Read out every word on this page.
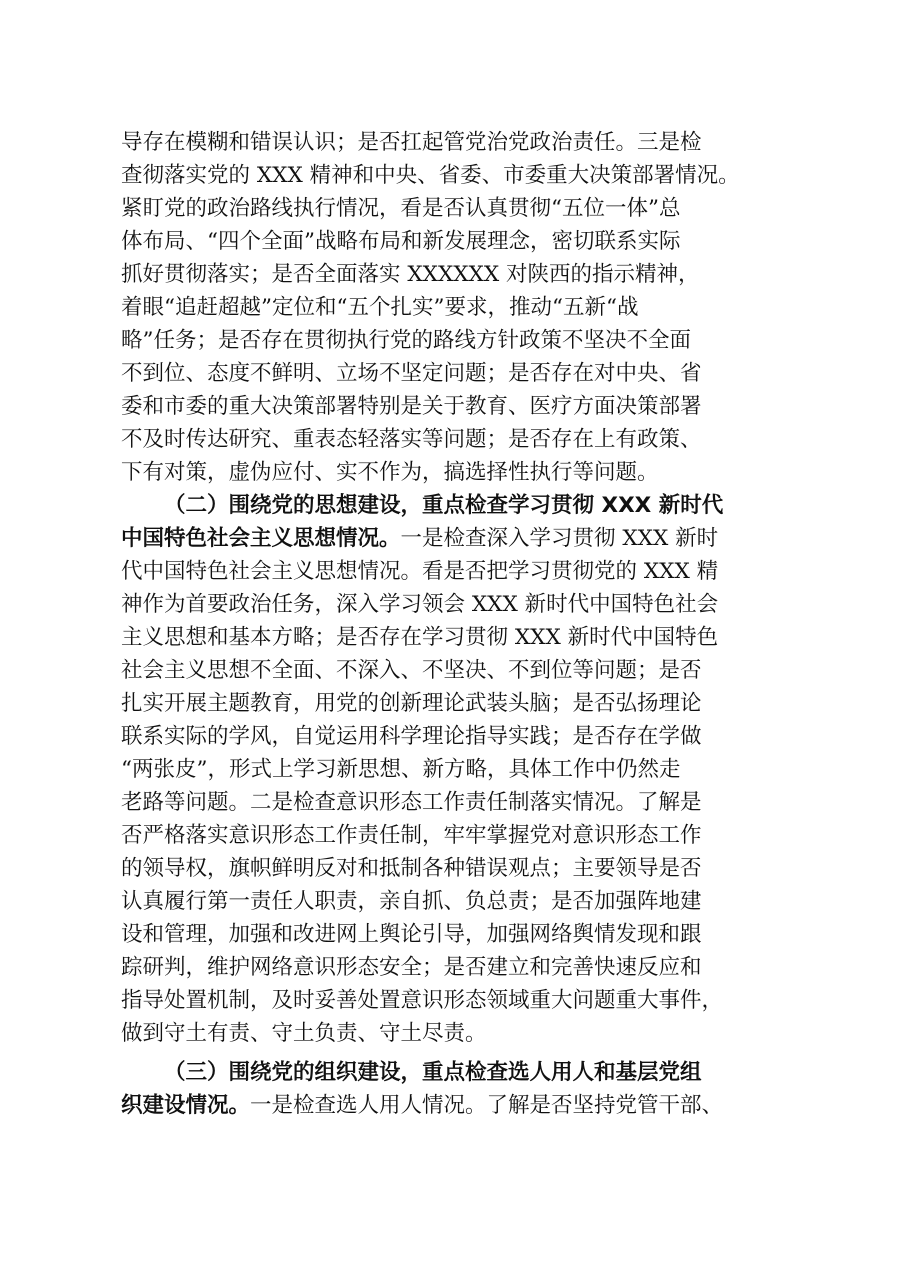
导存在模糊和错误认识；是否扛起管党治党政治责任。三是检
查彻落实党的 XXX 精神和中央、省委、市委重大决策部署情况。
紧盯党的政治路线执行情况，看是否认真贯彻“五位一体”总
体布局、“四个全面”战略布局和新发展理念，密切联系实际
抓好贯彻落实；是否全面落实 XXXXXX 对陕西的指示精神，
着眼“追赶超越”定位和“五个扎实”要求，推动“五新“战
略”任务；是否存在贯彻执行党的路线方针政策不坚决不全面
不到位、态度不鲜明、立场不坚定问题；是否存在对中央、省
委和市委的重大决策部署特别是关于教育、医疗方面决策部署
不及时传达研究、重表态轻落实等问题；是否存在上有政策、
下有对策，虚伪应付、实不作为，搞选择性执行等问题。
（二）围绕党的思想建设，重点检查学习贯彻 XXX 新时代
中国特色社会主义思想情况。一是检查深入学习贯彻 XXX 新时
代中国特色社会主义思想情况。看是否把学习贯彻党的 XXX 精
神作为首要政治任务，深入学习领会 XXX 新时代中国特色社会
主义思想和基本方略；是否存在学习贯彻 XXX 新时代中国特色
社会主义思想不全面、不深入、不坚决、不到位等问题；是否
扎实开展主题教育，用党的创新理论武装头脑；是否弘扬理论
联系实际的学风，自觉运用科学理论指导实践；是否存在学做
“两张皮”，形式上学习新思想、新方略，具体工作中仍然走
老路等问题。二是检查意识形态工作责任制落实情况。了解是
否严格落实意识形态工作责任制，牢牢掌握党对意识形态工作
的领导权，旗帜鲜明反对和抵制各种错误观点；主要领导是否
认真履行第一责任人职责，亲自抓、负总责；是否加强阵地建
设和管理，加强和改进网上舆论引导，加强网络舆情发现和跟
踪研判，维护网络意识形态安全；是否建立和完善快速反应和
指导处置机制，及时妥善处置意识形态领域重大问题重大事件，
做到守土有责、守土负责、守土尽责。
（三）围绕党的组织建设，重点检查选人用人和基层党组
织建设情况。一是检查选人用人情况。了解是否坚持党管干部、
